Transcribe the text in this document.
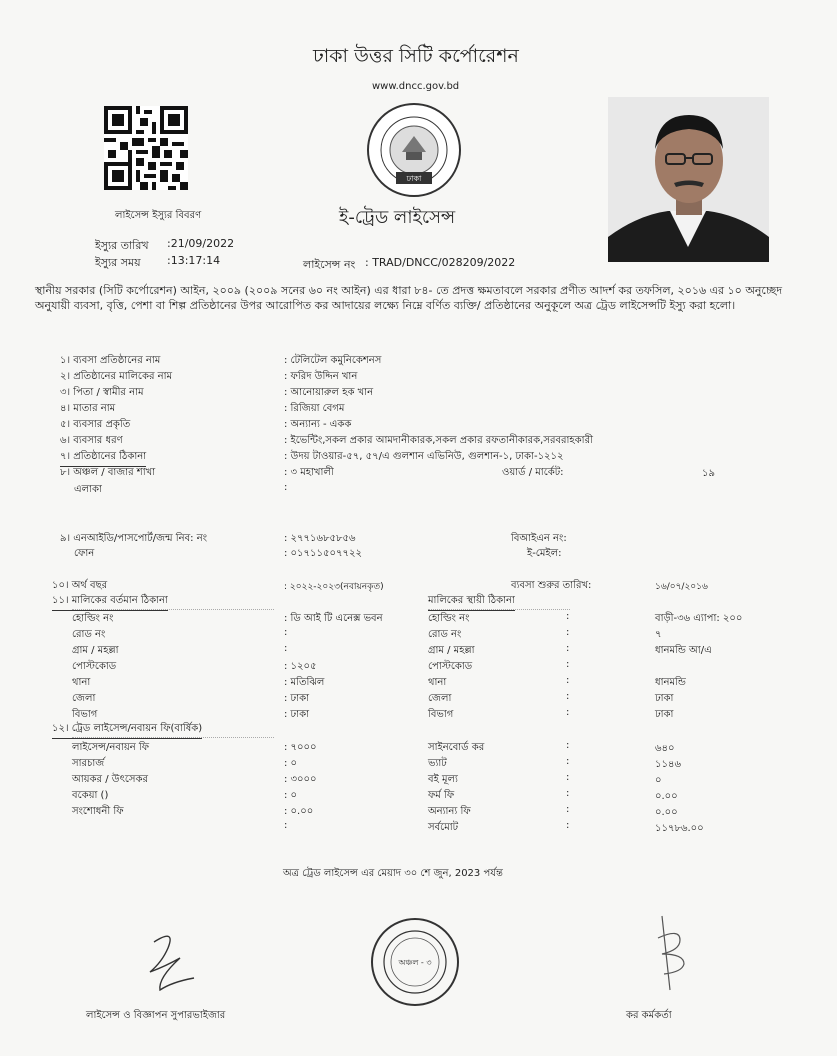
ঢাকা উত্তর সিটি কর্পোরেশন
www.dncc.gov.bd
ঢাকা
লাইসেন্স ইস্যুর বিবরণ	ই-ট্রেড লাইসেন্স
ইস্যুর তারিখ :21/09/2022
ইস্যুর সময় :13:17:14	লাইসেন্স নং : TRAD/DNCC/028209/2022
স্থানীয় সরকার (সিটি কর্পোরেশন) আইন, ২০০৯ (২০০৯ সনের ৬০ নং আইন) এর ধারা ৮৪- তে প্রদত্ত ক্ষমতাবলে সরকার প্রণীত আদর্শ কর তফসিল, ২০১৬ এর ১০ অনুচ্ছেদ অনুযায়ী ব্যবসা, বৃত্তি, পেশা বা শিল্প প্রতিষ্ঠানের উপর আরোপিত কর আদায়ের লক্ষ্যে নিম্নে বর্ণিত ব্যক্তি/ প্রতিষ্ঠানের অনুকূলে অত্র ট্রেড লাইসেন্সটি ইস্যু করা হলো।
১। ব্যবসা প্রতিষ্ঠানের নাম	: টেলিটেল কমুনিকেশনস
২। প্রতিষ্ঠানের মালিকের নাম	: ফরিদ উদ্দিন খান
৩। পিতা / স্বামীর নাম	: আনোয়ারুল হক খান
৪। মাতার নাম	: রিজিয়া বেগম
৫। ব্যবসার প্রকৃতি	: অন্যান্য - একক
৬। ব্যবসার ধরণ	: ইভেন্টিং,সকল প্রকার আমদানীকারক,সকল প্রকার রফতানীকারক,সরবরাহকারী
৭। প্রতিষ্ঠানের ঠিকানা	: উদয় টাওয়ার-৫৭, ৫৭/এ গুলশান এভিনিউ, গুলশান-১, ঢাকা-১২১২
৮। অঞ্চল / বাজার শাখা	: ৩ মহাখালী	ওয়ার্ড / মার্কেট:	১৯
এলাকা	:
৯। এনআইডি/পাসপোর্ট/জন্ম নিব: নং	: ২৭৭১৬৮৫৮৫৬	বিআইএন নং:
ফোন	: ০১৭১১৫০৭৭২২	ই-মেইল:
১০। অর্থ বছর	: ২০২২-২০২৩(নবায়নকৃত)	ব্যবসা শুরুর তারিখ:	১৬/০৭/২০১৬
১১। মালিকের বর্তমান ঠিকানা	মালিকের স্থায়ী ঠিকানা
হোল্ডিং নং	: ডি আই টি এনেক্স ভবন	হোল্ডিং নং	:	বাড়ী-৩৬ এ্যাপা: ২০০
রোড নং	:	রোড নং	:	৭
গ্রাম / মহল্লা	:	গ্রাম / মহল্লা	:	ধানমন্ডি আ/এ
পোস্টকোড	: ১২০৫	পোস্টকোড	:
থানা	: মতিঝিল	থানা	:	ধানমন্ডি
জেলা	: ঢাকা	জেলা	:	ঢাকা
বিভাগ	: ঢাকা	বিভাগ	:	ঢাকা
১২। ট্রেড লাইসেন্স/নবায়ন ফি(বার্ষিক)
লাইসেন্স/নবায়ন ফি	: ৭০০০	সাইনবোর্ড কর	:	৬৪০
সারচার্জ	: ০	ভ্যাট	:	১১৪৬
আয়কর / উৎসেকর	: ৩০০০	বই মূল্য	:	০
বকেয়া ()	: ০	ফর্ম ফি	:	০.০০
সংশোধনী ফি	: ০.০০	অন্যান্য ফি	:	০.০০
:	সর্বমোট	:	১১৭৮৬.০০
অত্র ট্রেড লাইসেন্স এর মেয়াদ ৩০ শে জুন, 2023 পর্যন্ত
অঞ্চল - ৩
লাইসেন্স ও বিজ্ঞাপন সুপারভাইজার	কর কর্মকর্তা
